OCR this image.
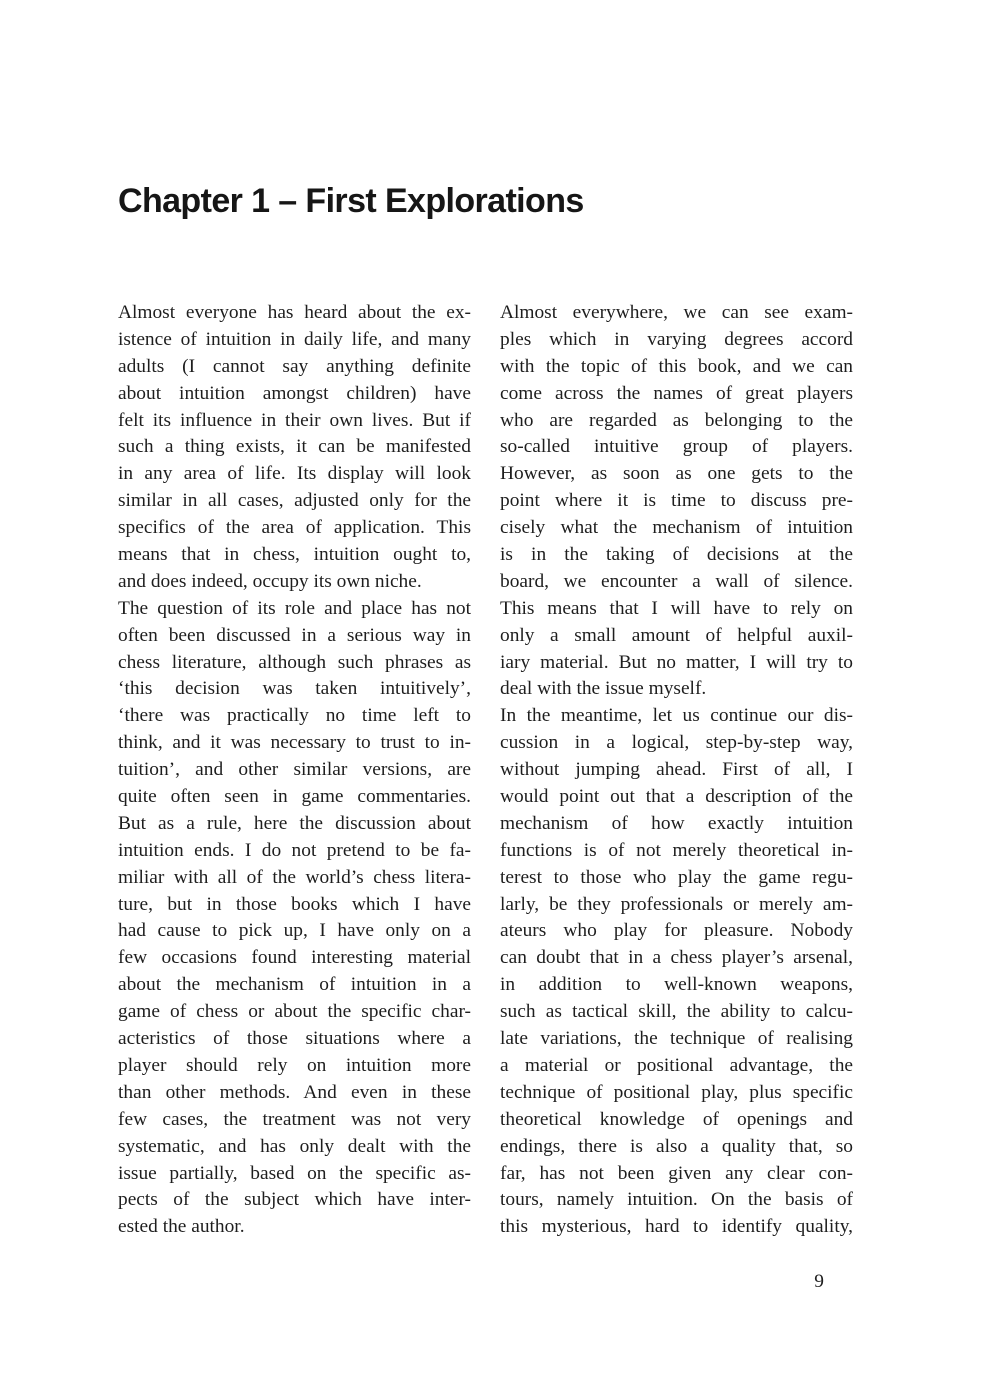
Chapter 1 – First Explorations
Almost everyone has heard about the ex-
istence of intuition in daily life, and many
adults (I cannot say anything definite
about intuition amongst children) have
felt its influence in their own lives. But if
such a thing exists, it can be manifested
in any area of life. Its display will look
similar in all cases, adjusted only for the
specifics of the area of application. This
means that in chess, intuition ought to,
and does indeed, occupy its own niche.
The question of its role and place has not
often been discussed in a serious way in
chess literature, although such phrases as
‘this decision was taken intuitively’,
‘there was practically no time left to
think, and it was necessary to trust to in-
tuition’, and other similar versions, are
quite often seen in game commentaries.
But as a rule, here the discussion about
intuition ends. I do not pretend to be fa-
miliar with all of the world’s chess litera-
ture, but in those books which I have
had cause to pick up, I have only on a
few occasions found interesting material
about the mechanism of intuition in a
game of chess or about the specific char-
acteristics of those situations where a
player should rely on intuition more
than other methods. And even in these
few cases, the treatment was not very
systematic, and has only dealt with the
issue partially, based on the specific as-
pects of the subject which have inter-
ested the author.
Almost everywhere, we can see exam-
ples which in varying degrees accord
with the topic of this book, and we can
come across the names of great players
who are regarded as belonging to the
so-called intuitive group of players.
However, as soon as one gets to the
point where it is time to discuss pre-
cisely what the mechanism of intuition
is in the taking of decisions at the
board, we encounter a wall of silence.
This means that I will have to rely on
only a small amount of helpful auxil-
iary material. But no matter, I will try to
deal with the issue myself.
In the meantime, let us continue our dis-
cussion in a logical, step-by-step way,
without jumping ahead. First of all, I
would point out that a description of the
mechanism of how exactly intuition
functions is of not merely theoretical in-
terest to those who play the game regu-
larly, be they professionals or merely am-
ateurs who play for pleasure. Nobody
can doubt that in a chess player’s arsenal,
in addition to well-known weapons,
such as tactical skill, the ability to calcu-
late variations, the technique of realising
a material or positional advantage, the
technique of positional play, plus specific
theoretical knowledge of openings and
endings, there is also a quality that, so
far, has not been given any clear con-
tours, namely intuition. On the basis of
this mysterious, hard to identify quality,
9
